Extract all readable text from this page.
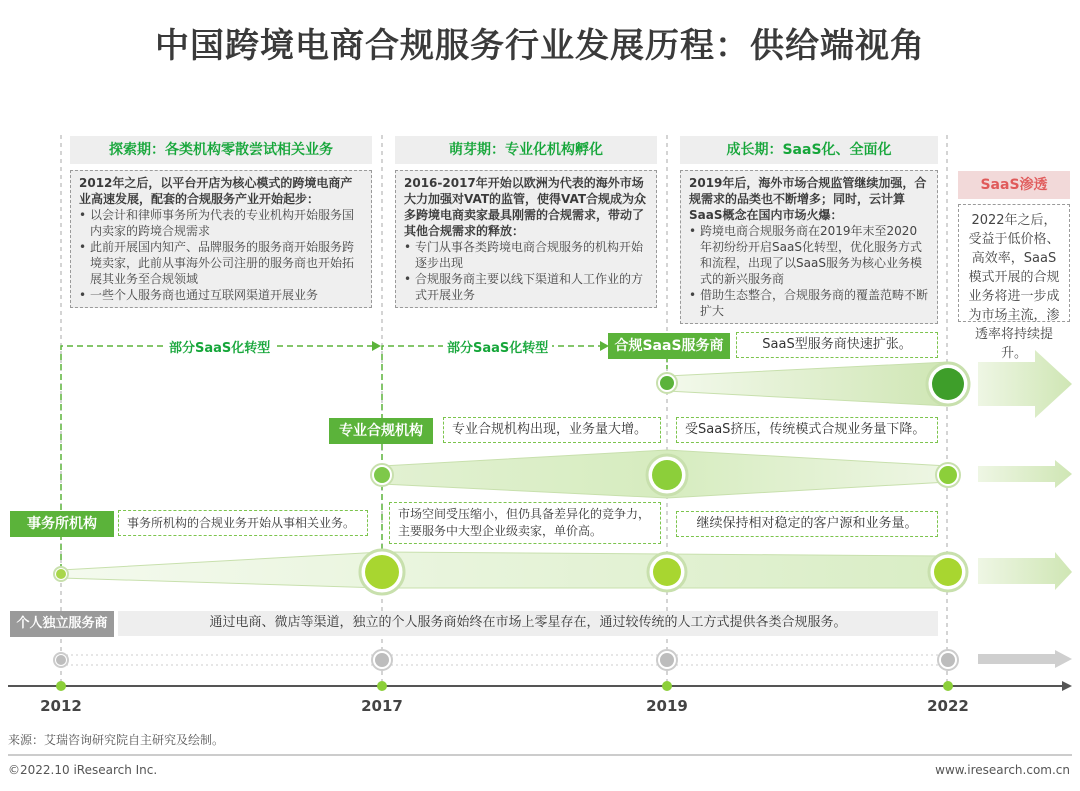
中国跨境电商合规服务行业发展历程：供给端视角
探索期：各类机构零散尝试相关业务	萌芽期：专业化机构孵化	成长期：SaaS化、全面化
SaaS渗透
2012年之后，以平台开店为核心模式的跨境电商产业高速发展，配套的合规服务产业开始起步：
• 以会计和律师事务所为代表的专业机构开始服务国内卖家的跨境合规需求
• 此前开展国内知产、品牌服务的服务商开始服务跨境卖家，此前从事海外公司注册的服务商也开始拓展其业务至合规领域
• 一些个人服务商也通过互联网渠道开展业务
2016-2017年开始以欧洲为代表的海外市场大力加强对VAT的监管，使得VAT合规成为众多跨境电商卖家最具刚需的合规需求，带动了其他合规需求的释放：
• 专门从事各类跨境电商合规服务的机构开始逐步出现
• 合规服务商主要以线下渠道和人工作业的方式开展业务
2019年后，海外市场合规监管继续加强，合规需求的品类也不断增多；同时，云计算SaaS概念在国内市场火爆：
• 跨境电商合规服务商在2019年末至2020年初纷纷开启SaaS化转型，优化服务方式和流程，出现了以SaaS服务为核心业务模式的新兴服务商
• 借助生态整合，合规服务商的覆盖范畴不断扩大
2022年之后，受益于低价格、高效率，SaaS模式开展的合规业务将进一步成为市场主流，渗透率将持续提升。
部分SaaS化转型	部分SaaS化转型	合规SaaS服务商	SaaS型服务商快速扩张。
专业合规机构	专业合规机构出现，业务量大增。	受SaaS挤压，传统模式合规业务量下降。
事务所机构	事务所机构的合规业务开始从事相关业务。
市场空间受压缩小，但仍具备差异化的竞争力，主要服务中大型企业级卖家，单价高。	继续保持相对稳定的客户源和业务量。
个人独立服务商	通过电商、微店等渠道，独立的个人服务商始终在市场上零星存在，通过较传统的人工方式提供各类合规服务。
2012	2017	2019	2022
来源：艾瑞咨询研究院自主研究及绘制。
©2022.10 iResearch Inc.	www.iresearch.com.cn
